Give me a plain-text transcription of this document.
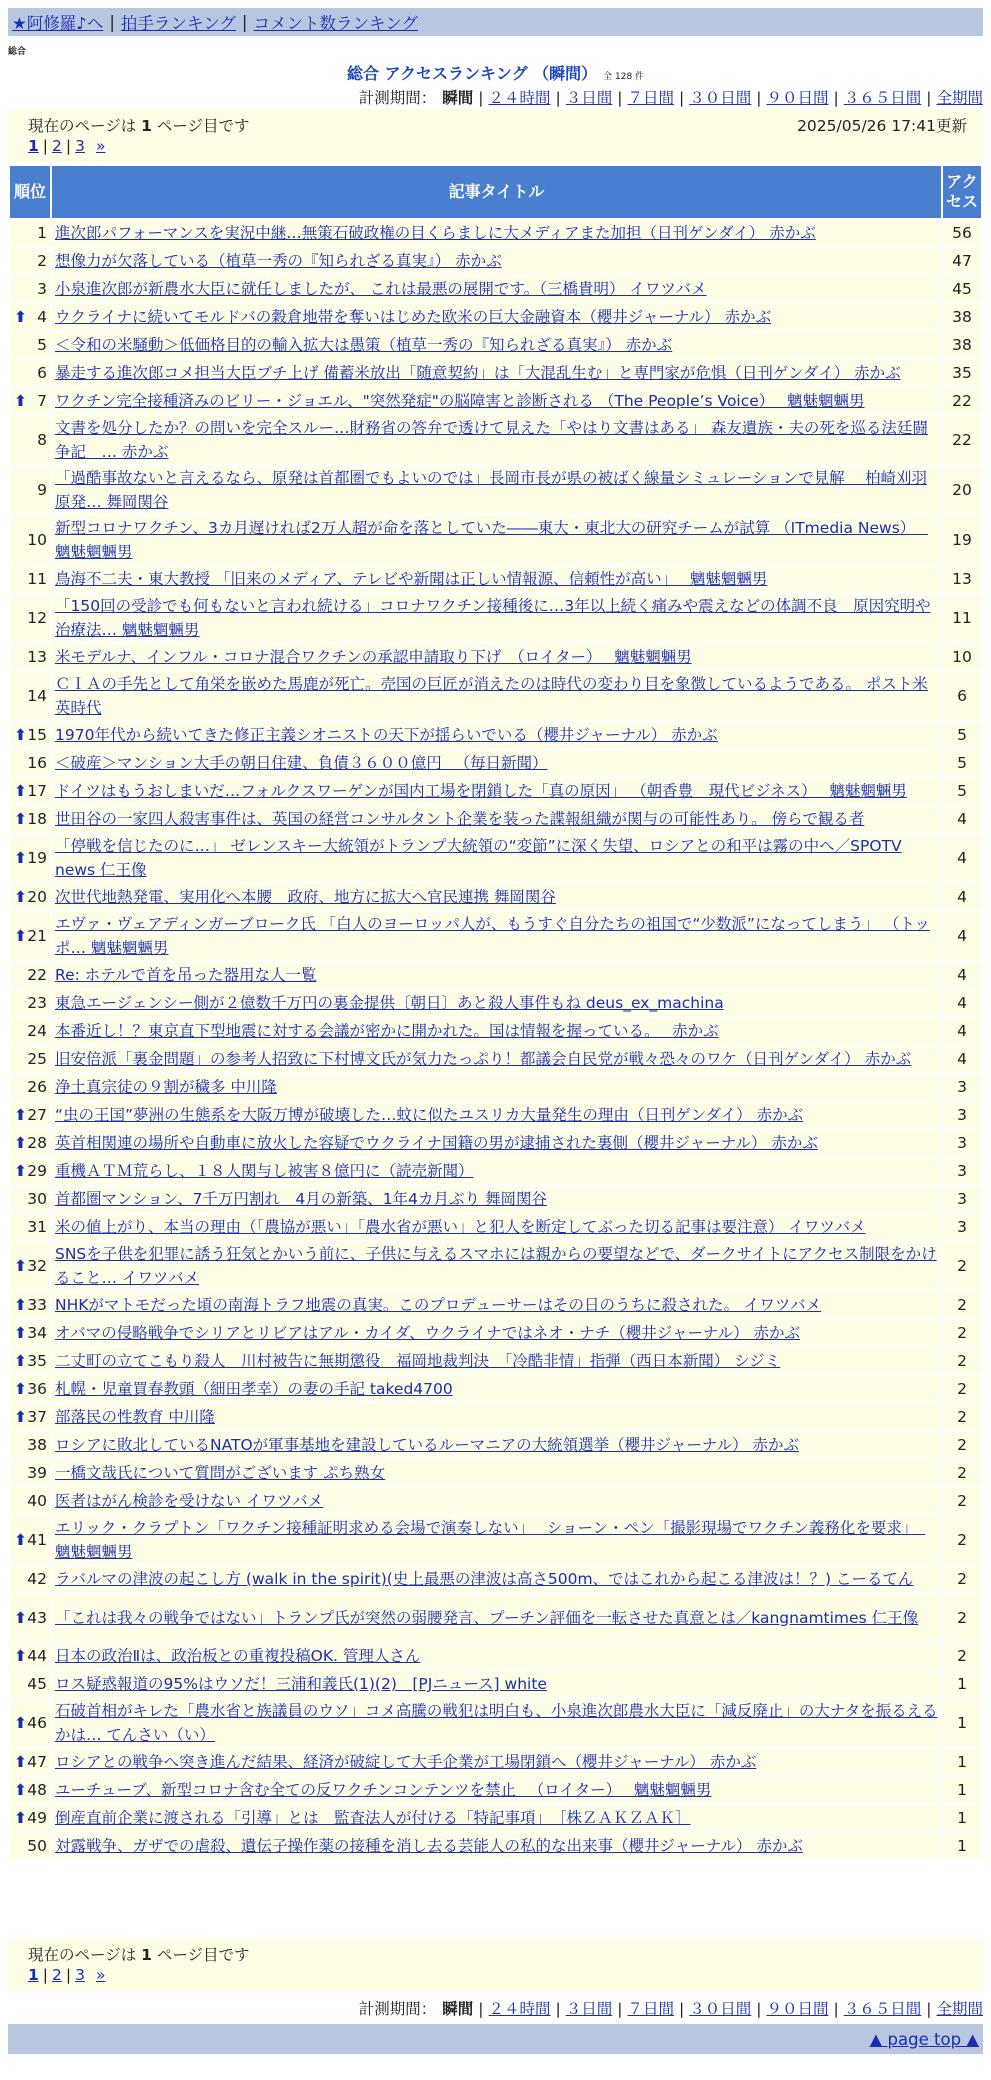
★阿修羅♪へ | 拍手ランキング | コメント数ランキング
総合
総合 アクセスランキング （瞬間） 全 128 件
計測期間： 瞬間 | ２４時間 | ３日間 | ７日間 | ３０日間 | ９０日間 | ３６５日間 | 全期間
現在のページは 1 ページ目です	2025/05/26 17:41更新
1 | 2 | 3 »
順位	記事タイトル	アクセス
1	進次郎パフォーマンスを実況中継…無策石破政権の目くらましに大メディアまた加担（日刊ゲンダイ） 赤かぶ	56
2	想像力が欠落している（植草一秀の『知られざる真実』） 赤かぶ	47
3	小泉進次郎が新農水大臣に就任しましたが、 これは最悪の展開です。（三橋貴明） イワツバメ	45

⬆ 4	ウクライナに続いてモルドバの穀倉地帯を奪いはじめた欧米の巨大金融資本（櫻井ジャーナル） 赤かぶ	38
5	＜令和の米騒動＞低価格目的の輸入拡大は愚策（植草一秀の『知られざる真実』） 赤かぶ	38
6	暴走する進次郎コメ担当大臣ブチ上げ 備蓄米放出「随意契約」は「大混乱生む」と専門家が危惧（日刊ゲンダイ） 赤かぶ	35

⬆ 7	ワクチン完全接種済みのビリー・ジョエル、"突然発症"の脳障害と診断される （The People’s Voice）　 魑魅魍魎男	22
8	文書を処分したか？の問いを完全スルー…財務省の答弁で透けて見えた「やはり文書はある」 森友遺族・夫の死を巡る法廷闘争記　… 赤かぶ	22
9	「過酷事故ないと言えるなら、原発は首都圏でもよいのでは」長岡市長が県の被ばく線量シミュレーションで見解　 柏崎刈羽原発… 舞岡関谷	20
10	新型コロナワクチン、3カ月遅ければ2万人超が命を落としていた――東大・東北大の研究チームが試算 （ITmedia News）　 魑魅魍魎男	19
11	鳥海不二夫・東大教授 「旧来のメディア、テレビや新聞は正しい情報源、信頼性が高い」　 魑魅魍魎男	13
12	「150回の受診でも何もないと言われ続ける」コロナワクチン接種後に…3年以上続く痛みや震えなどの体調不良　原因究明や治療法… 魑魅魍魎男	11
13	米モデルナ、インフル・コロナ混合ワクチンの承認申請取り下げ　（ロイター）　 魑魅魍魎男	10
14	ＣＩＡの手先として角栄を嵌めた馬鹿が死亡。売国の巨匠が消えたのは時代の変わり目を象徴しているようである。 ポスト米英時代	6

⬆ 15	1970年代から続いてきた修正主義シオニストの天下が揺らいでいる（櫻井ジャーナル） 赤かぶ	5
16	＜破産＞マンション大手の朝日住建、負債３６００億円 　（毎日新聞）	5

⬆ 17	ドイツはもうおしまいだ…フォルクスワーゲンが国内工場を閉鎖した「真の原因」 （朝香豊　現代ビジネス）　 魑魅魍魎男	5

⬆ 18	世田谷の一家四人殺害事件は、英国の経営コンサルタント企業を装った諜報組織が関与の可能性あり。 傍らで観る者	4

⬆ 19	「停戦を信じたのに…」 ゼレンスキー大統領がトランプ大統領の“変節”に深く失望、ロシアとの和平は霧の中へ／SPOTV news 仁王像	4

⬆ 20	次世代地熱発電、実用化へ本腰　政府、地方に拡大へ官民連携 舞岡関谷	4

⬆ 21	エヴァ・ヴェアディンガーブローク氏 「白人のヨーロッパ人が、もうすぐ自分たちの祖国で“少数派”になってしまう」 （トッポ… 魑魅魍魎男	4
22	Re: ホテルで首を吊った器用な人一覧	4
23	東急エージェンシー側が２億数千万円の裏金提供〔朝日〕あと殺人事件もね deus_ex_machina	4
24	本番近し！？東京直下型地震に対する会議が密かに開かれた。国は情報を握っている。　 赤かぶ	4
25	旧安倍派「裏金問題」の参考人招致に下村博文氏が気力たっぷり！都議会自民党が戦々恐々のワケ（日刊ゲンダイ） 赤かぶ	4
26	浄土真宗徒の９割が穢多 中川隆	3

⬆ 27	“虫の王国”夢洲の生態系を大阪万博が破壊した…蚊に似たユスリカ大量発生の理由（日刊ゲンダイ） 赤かぶ	3

⬆ 28	英首相関連の場所や自動車に放火した容疑でウクライナ国籍の男が逮捕された裏側（櫻井ジャーナル） 赤かぶ	3

⬆ 29	重機ＡＴＭ荒らし、１８人関与し被害８億円に（読売新聞）	3
30	首都圏マンション、7千万円割れ　4月の新築、1年4カ月ぶり 舞岡関谷	3
31	米の値上がり、本当の理由（「農協が悪い」「農水省が悪い」と犯人を断定してぶった切る記事は要注意） イワツバメ	3

⬆ 32	SNSを子供を犯罪に誘う狂気とかいう前に、子供に与えるスマホには親からの要望などで、ダークサイトにアクセス制限をかけること… イワツバメ	2

⬆ 33	NHKがマトモだった頃の南海トラフ地震の真実。このプロデューサーはその日のうちに殺された。 イワツバメ	2

⬆ 34	オバマの侵略戦争でシリアとリビアはアル・カイダ、ウクライナではネオ・ナチ（櫻井ジャーナル） 赤かぶ	2

⬆ 35	二丈町の立てこもり殺人　川村被告に無期懲役　福岡地裁判決　「冷酷非情」指弾（西日本新聞） シジミ	2

⬆ 36	札幌・児童買春教頭（細田孝幸）の妻の手記 taked4700	2

⬆ 37	部落民の性教育 中川隆	2
38	ロシアに敗北しているNATOが軍事基地を建設しているルーマニアの大統領選挙（櫻井ジャーナル） 赤かぶ	2
39	一橋文哉氏について質問がございます ぷち熟女	2
40	医者はがん検診を受けない イワツバメ	2

⬆ 41	エリック・クラプトン「ワクチン接種証明求める会場で演奏しない」　 ショーン・ペン「撮影現場でワクチン義務化を要求」　魑魅魍魎男	2
42	ラバルマの津波の起こし方 (walk in the spirit)(史上最悪の津波は高さ500m、ではこれから起こる津波は！？) こーるてん	2

⬆ 43	「これは我々の戦争ではない」トランプ氏が突然の弱腰発言、プーチン評価を一転させた真意とは／kangnamtimes 仁王像	2

⬆ 44	日本の政治Ⅱは、政治板との重複投稿OK. 管理人さん	2
45	ロス疑惑報道の95%はウソだ！三浦和義氏(1)(2)　[PJニュース] white	1

⬆ 46	石破首相がキレた「農水省と族議員のウソ」コメ高騰の戦犯は明白も、小泉進次郎農水大臣に「減反廃止」の大ナタを振るえるかは… てんさい（い）	1

⬆ 47	ロシアとの戦争へ突き進んだ結果、経済が破綻して大手企業が工場閉鎖へ（櫻井ジャーナル） 赤かぶ	1

⬆ 48	ユーチューブ、新型コロナ含む全ての反ワクチンコンテンツを禁止 　（ロイター）　 魑魅魍魎男	1

⬆ 49	倒産直前企業に渡される「引導」とは　監査法人が付ける「特記事項」　［株ＺＡＫＺＡＫ］	1
50	対露戦争、ガザでの虐殺、遺伝子操作薬の接種を消し去る芸能人の私的な出来事（櫻井ジャーナル） 赤かぶ	1
計測期間： 瞬間 | ２４時間 | ３日間 | ７日間 | ３０日間 | ９０日間 | ３６５日間 | 全期間
▲ page top ▲
現在のページは 1 ページ目です
1 | 2 | 3 »
